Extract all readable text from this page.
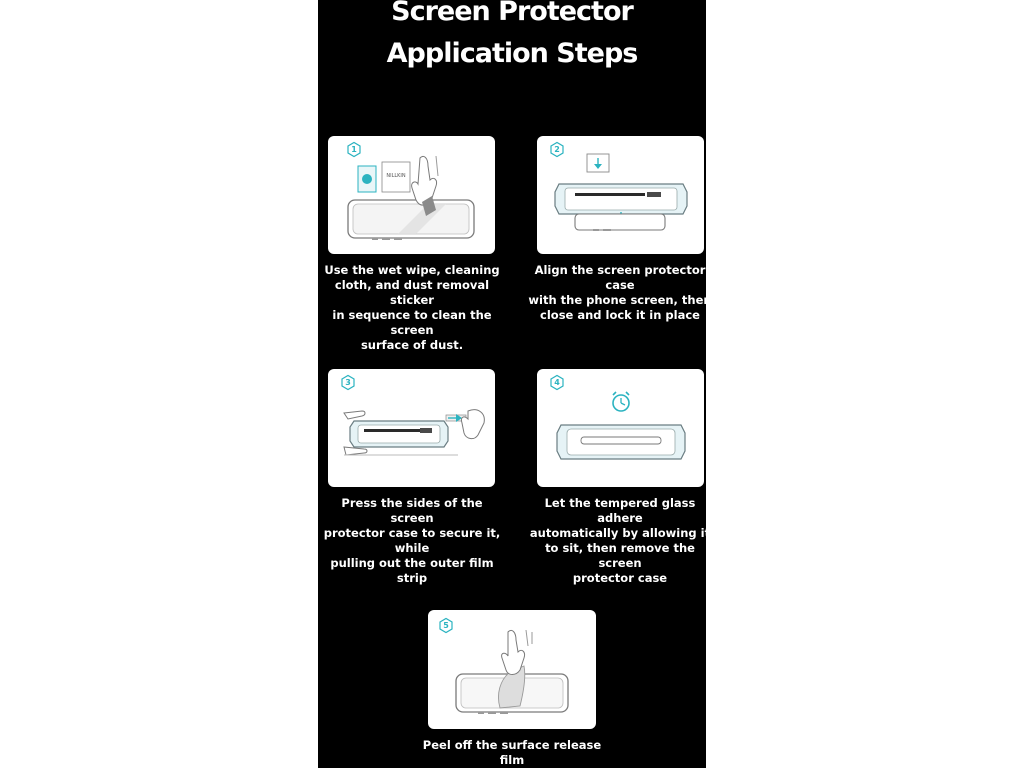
Screen Protector
Application Steps
1
NILLKIN

Use the wet wipe, cleaning
cloth, and dust removal sticker
in sequence to clean the screen
surface of dust.

2

Align the screen protector case
with the phone screen, then
close and lock it in place

3

Press the sides of the screen
protector case to secure it, while
pulling out the outer film strip

4

Let the tempered glass adhere
automatically by allowing it
to sit, then remove the screen
protector case

5

Peel off the surface release film
to complete the application
